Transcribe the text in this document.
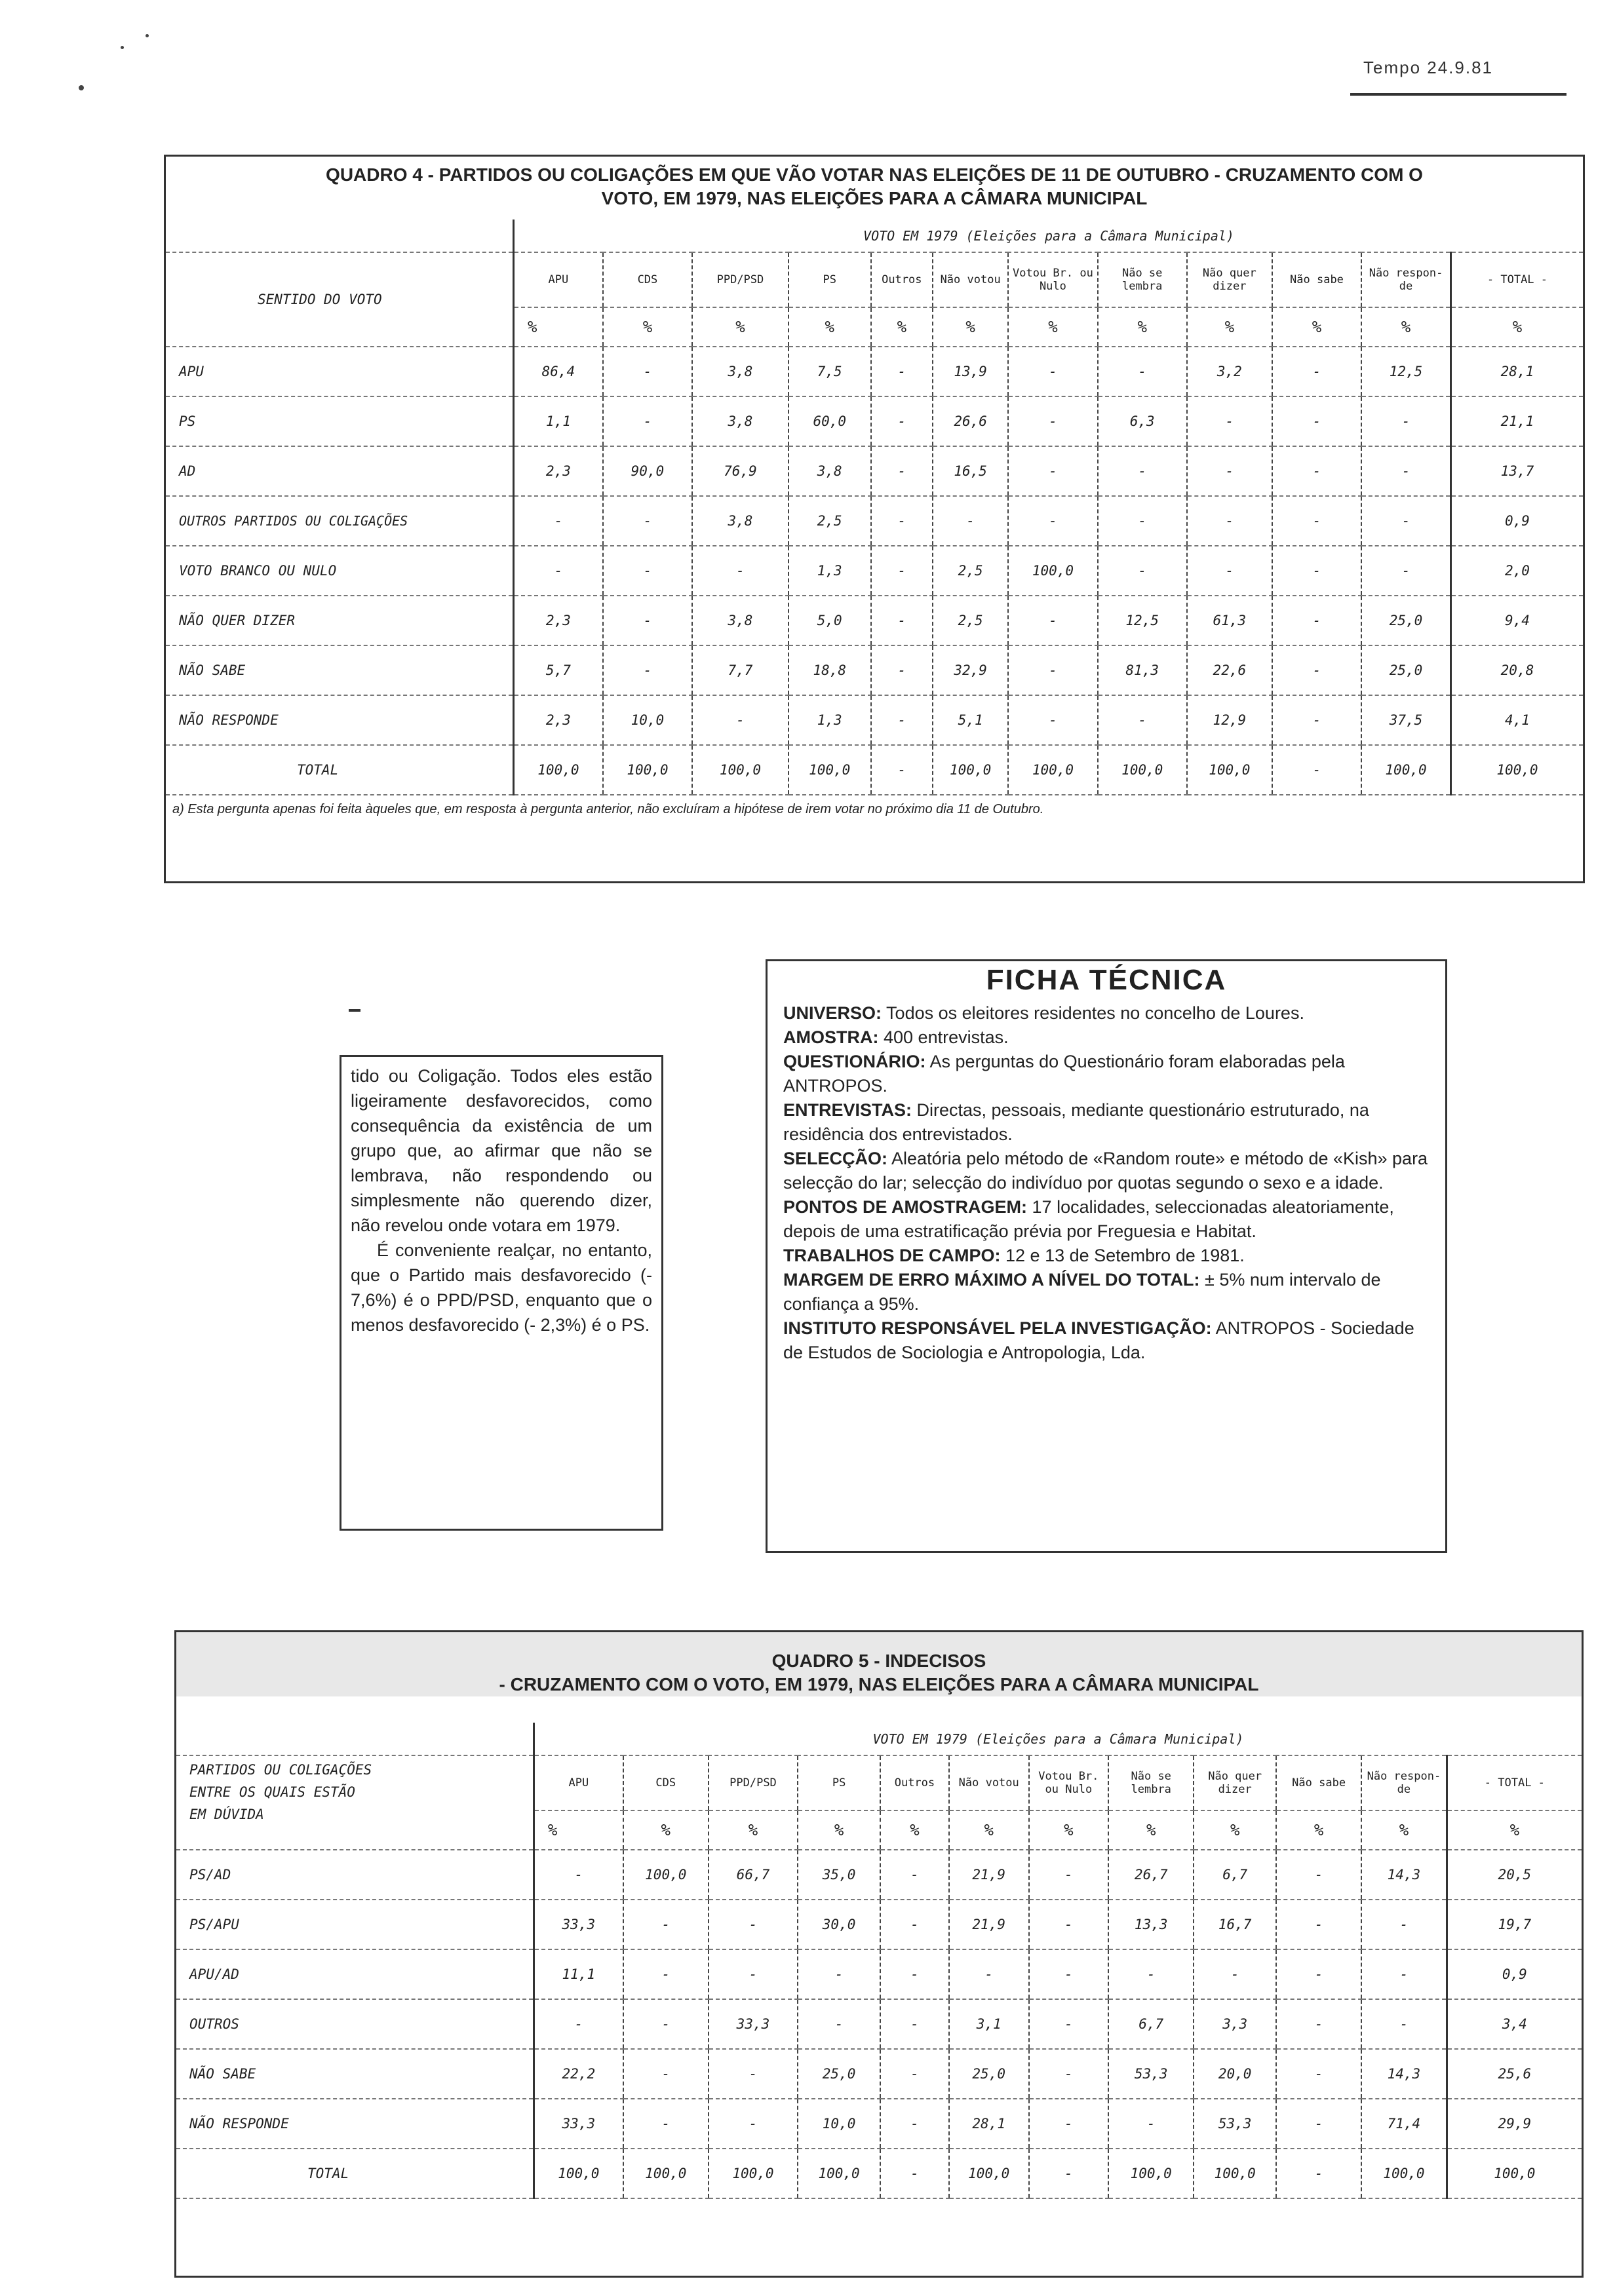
Tempo 24.9.81
QUADRO 4 - PARTIDOS OU COLIGAÇÕES EM QUE VÃO VOTAR NAS ELEIÇÕES DE 11 DE OUTUBRO - CRUZAMENTO COM O
VOTO, EM 1979, NAS ELEIÇÕES PARA A CÂMARA MUNICIPAL
	VOTO EM 1979 (Eleições para a Câmara Municipal)											
SENTIDO DO VOTO	APU	CDS	PPD/PSD	PS	Outros	Não votou	Votou Br. ou Nulo	Não se lembra	Não quer dizer	Não sabe	Não respon-de	- TOTAL -
	%	%	%	%	%	%	%	%	%	%	%	%
APU	86,4	-	3,8	7,5	-	13,9	-	-	3,2	-	12,5	28,1
PS	1,1	-	3,8	60,0	-	26,6	-	6,3	-	-	-	21,1
AD	2,3	90,0	76,9	3,8	-	16,5	-	-	-	-	-	13,7
OUTROS PARTIDOS OU COLIGAÇÕES	-	-	3,8	2,5	-	-	-	-	-	-	-	0,9
VOTO BRANCO OU NULO	-	-	-	1,3	-	2,5	100,0	-	-	-	-	2,0
NÃO QUER DIZER	2,3	-	3,8	5,0	-	2,5	-	12,5	61,3	-	25,0	9,4
NÃO SABE	5,7	-	7,7	18,8	-	32,9	-	81,3	22,6	-	25,0	20,8
NÃO RESPONDE	2,3	10,0	-	1,3	-	5,1	-	-	12,9	-	37,5	4,1
TOTAL	100,0	100,0	100,0	100,0	-	100,0	100,0	100,0	100,0	-	100,0	100,0
a) Esta pergunta apenas foi feita àqueles que, em resposta à pergunta anterior, não excluíram a hipótese de irem votar no próximo dia 11 de Outubro.

tido ou Coligação. Todos eles estão ligeiramente desfavorecidos, como consequência da existência de um grupo que, ao afirmar que não se lembrava, não respondendo ou simplesmente não querendo dizer, não revelou onde votara em 1979.

É conveniente realçar, no entanto, que o Partido mais desfavorecido (- 7,6%) é o PPD/PSD, enquanto que o menos desfavorecido (- 2,3%) é o PS.

FICHA TÉCNICA

UNIVERSO: Todos os eleitores residentes no concelho de Loures.

AMOSTRA: 400 entrevistas.

QUESTIONÁRIO: As perguntas do Questionário foram elaboradas pela ANTROPOS.

ENTREVISTAS: Directas, pessoais, mediante questionário estruturado, na residência dos entrevistados.

SELECÇÃO: Aleatória pelo método de «Random route» e método de «Kish» para selecção do lar; selecção do indivíduo por quotas segundo o sexo e a idade.

PONTOS DE AMOSTRAGEM: 17 localidades, seleccionadas aleatoriamente, depois de uma estratificação prévia por Freguesia e Habitat.

TRABALHOS DE CAMPO: 12 e 13 de Setembro de 1981.

MARGEM DE ERRO MÁXIMO A NÍVEL DO TOTAL: ± 5% num intervalo de confiança a 95%.

INSTITUTO RESPONSÁVEL PELA INVESTIGAÇÃO: ANTROPOS - Sociedade de Estudos de Sociologia e Antropologia, Lda.

QUADRO 5 - INDECISOS
- CRUZAMENTO COM O VOTO, EM 1979, NAS ELEIÇÕES PARA A CÂMARA MUNICIPAL
	VOTO EM 1979 (Eleições para a Câmara Municipal)											

PARTIDOS OU COLIGAÇÕES
ENTRE OS QUAIS ESTÃO
EM DÚVIDA	APU	CDS	PPD/PSD	PS	Outros	Não votou	Votou Br. ou Nulo	Não se lembra	Não quer dizer	Não sabe	Não respon-de	- TOTAL -
	%	%	%	%	%	%	%	%	%	%	%	%
PS/AD	-	100,0	66,7	35,0	-	21,9	-	26,7	6,7	-	14,3	20,5
PS/APU	33,3	-	-	30,0	-	21,9	-	13,3	16,7	-	-	19,7
APU/AD	11,1	-	-	-	-	-	-	-	-	-	-	0,9
OUTROS	-	-	33,3	-	-	3,1	-	6,7	3,3	-	-	3,4
NÃO SABE	22,2	-	-	25,0	-	25,0	-	53,3	20,0	-	14,3	25,6
NÃO RESPONDE	33,3	-	-	10,0	-	28,1	-	-	53,3	-	71,4	29,9
TOTAL	100,0	100,0	100,0	100,0	-	100,0	-	100,0	100,0	-	100,0	100,0
